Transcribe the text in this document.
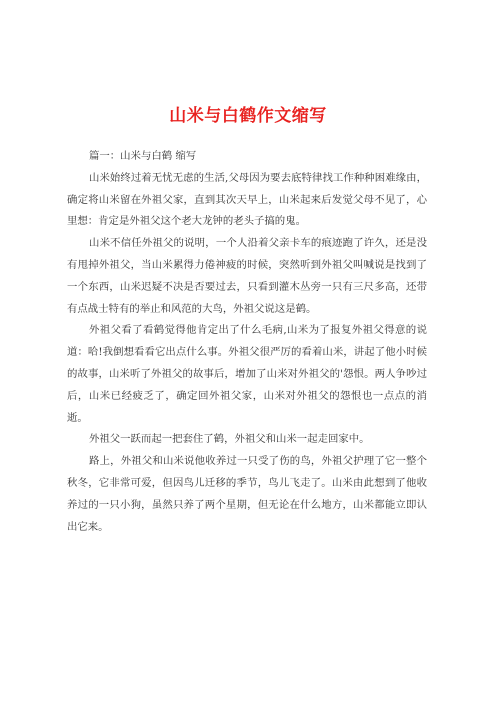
山米与白鹤作文缩写
篇一：山米与白鹤 缩写

山米始终过着无忧无虑的生活,父母因为要去底特律找工作种种困难缘由，确定将山米留在外祖父家，直到其次天早上，山米起来后发觉父母不见了，心里想：肯定是外祖父这个老大龙钟的老头子搞的鬼。

山米不信任外祖父的说明，一个人沿着父亲卡车的痕迹跑了许久，还是没有甩掉外祖父，当山米累得力倦神疲的时候，突然听到外祖父叫喊说是找到了一个东西，山米迟疑不决是否要过去，只看到灌木丛旁一只有三尺多高，还带有点战士特有的举止和风范的大鸟，外祖父说这是鹤。

外祖父看了看鹤觉得他肯定出了什么毛病,山米为了报复外祖父得意的说道：哈!我倒想看看它出点什么事。外祖父很严厉的看着山米，讲起了他小时候的故事，山米听了外祖父的故事后，增加了山米对外祖父的'怨恨。两人争吵过后，山米已经疲乏了，确定回外祖父家，山米对外祖父的怨恨也一点点的消逝。

外祖父一跃而起一把套住了鹤，外祖父和山米一起走回家中。

路上，外祖父和山米说他收养过一只受了伤的鸟，外祖父护理了它一整个秋冬，它非常可爱，但因鸟儿迁移的季节，鸟儿飞走了。山米由此想到了他收养过的一只小狗，虽然只养了两个星期，但无论在什么地方，山米都能立即认出它来。
